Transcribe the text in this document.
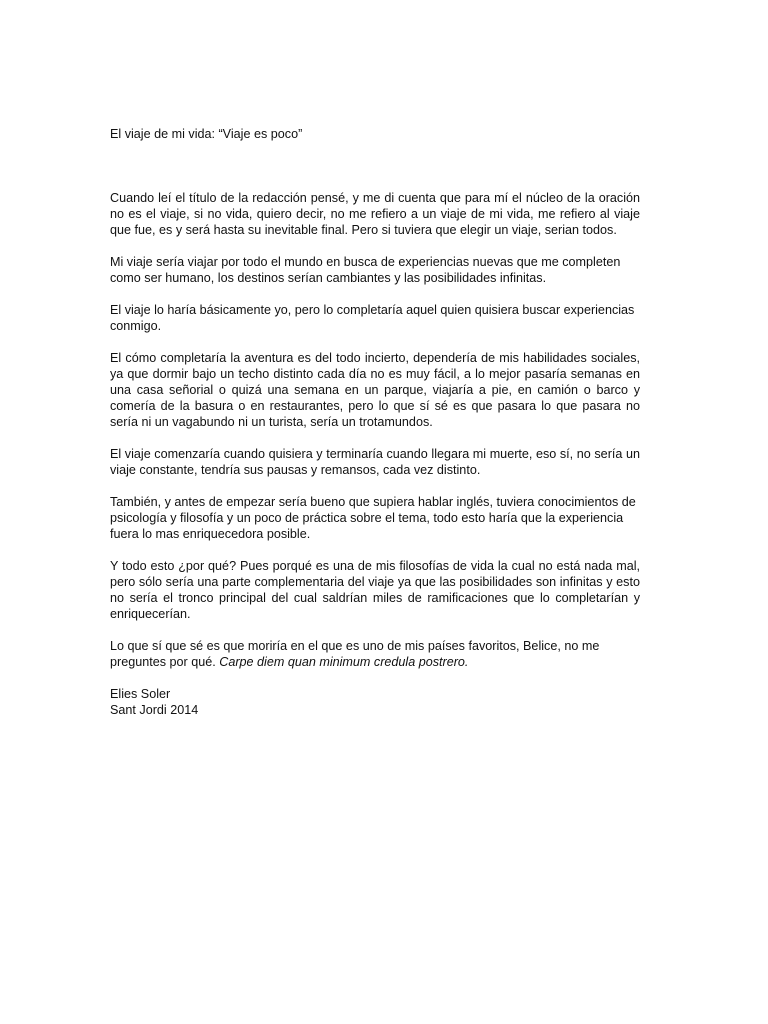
El viaje de mi vida: “Viaje es poco”

Cuando leí el título de la redacción pensé, y me di cuenta que para mí el núcleo de la oración no es el viaje, si no vida, quiero decir, no me refiero a un viaje de mi vida, me refiero al viaje que fue, es y será hasta su inevitable final. Pero si tuviera que elegir un viaje, serian todos.

Mi viaje sería viajar por todo el mundo en busca de experiencias nuevas que me completen como ser humano, los destinos serían cambiantes y las posibilidades infinitas.

El viaje lo haría básicamente yo, pero lo completaría aquel quien quisiera buscar experiencias conmigo.

El cómo completaría la aventura es del todo incierto, dependería de mis habilidades sociales, ya que dormir bajo un techo distinto cada día no es muy fácil, a lo mejor pasaría semanas en una casa señorial o quizá una semana en un parque, viajaría a pie, en camión o barco y comería de la basura o en restaurantes, pero lo que sí sé es que pasara lo que pasara no sería ni un vagabundo ni un turista, sería un trotamundos.

El viaje comenzaría cuando quisiera y terminaría cuando llegara mi muerte, eso sí, no sería un viaje constante, tendría sus pausas y remansos, cada vez distinto.

También, y antes de empezar sería bueno que supiera hablar inglés, tuviera conocimientos de psicología y filosofía y un poco de práctica sobre el tema, todo esto haría que la experiencia fuera lo mas enriquecedora posible.

Y todo esto ¿por qué? Pues porqué es una de mis filosofías de vida la cual no está nada mal, pero sólo sería una parte complementaria del viaje ya que las posibilidades son infinitas y esto no sería el tronco principal del cual saldrían miles de ramificaciones que lo completarían y enriquecerían.

Lo que sí que sé es que moriría en el que es uno de mis países favoritos, Belice, no me preguntes por qué. Carpe diem quan minimum credula postrero.

Elies Soler
Sant Jordi 2014
